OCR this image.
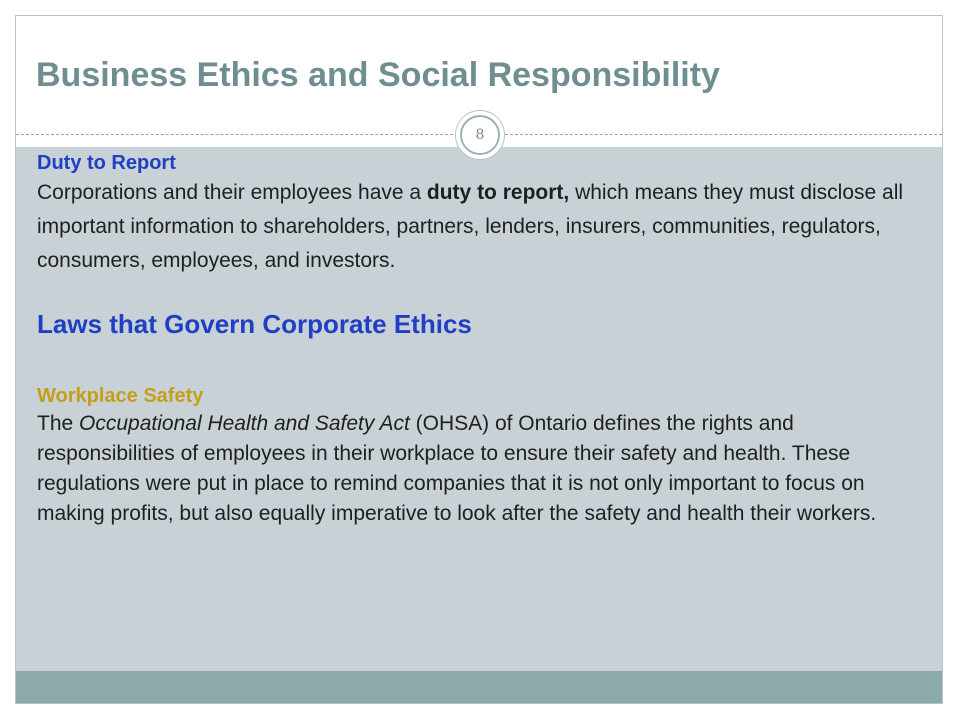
Business Ethics and Social Responsibility
8
Duty to Report

Corporations and their employees have a duty to report, which means they must disclose all important information to shareholders, partners, lenders, insurers, communities, regulators, consumers, employees, and investors.

Laws that Govern Corporate Ethics
Workplace Safety

The Occupational Health and Safety Act (OHSA) of Ontario defines the rights and responsibilities of employees in their workplace to ensure their safety and health. These regulations were put in place to remind companies that it is not only important to focus on making profits, but also equally imperative to look after the safety and health their workers.
